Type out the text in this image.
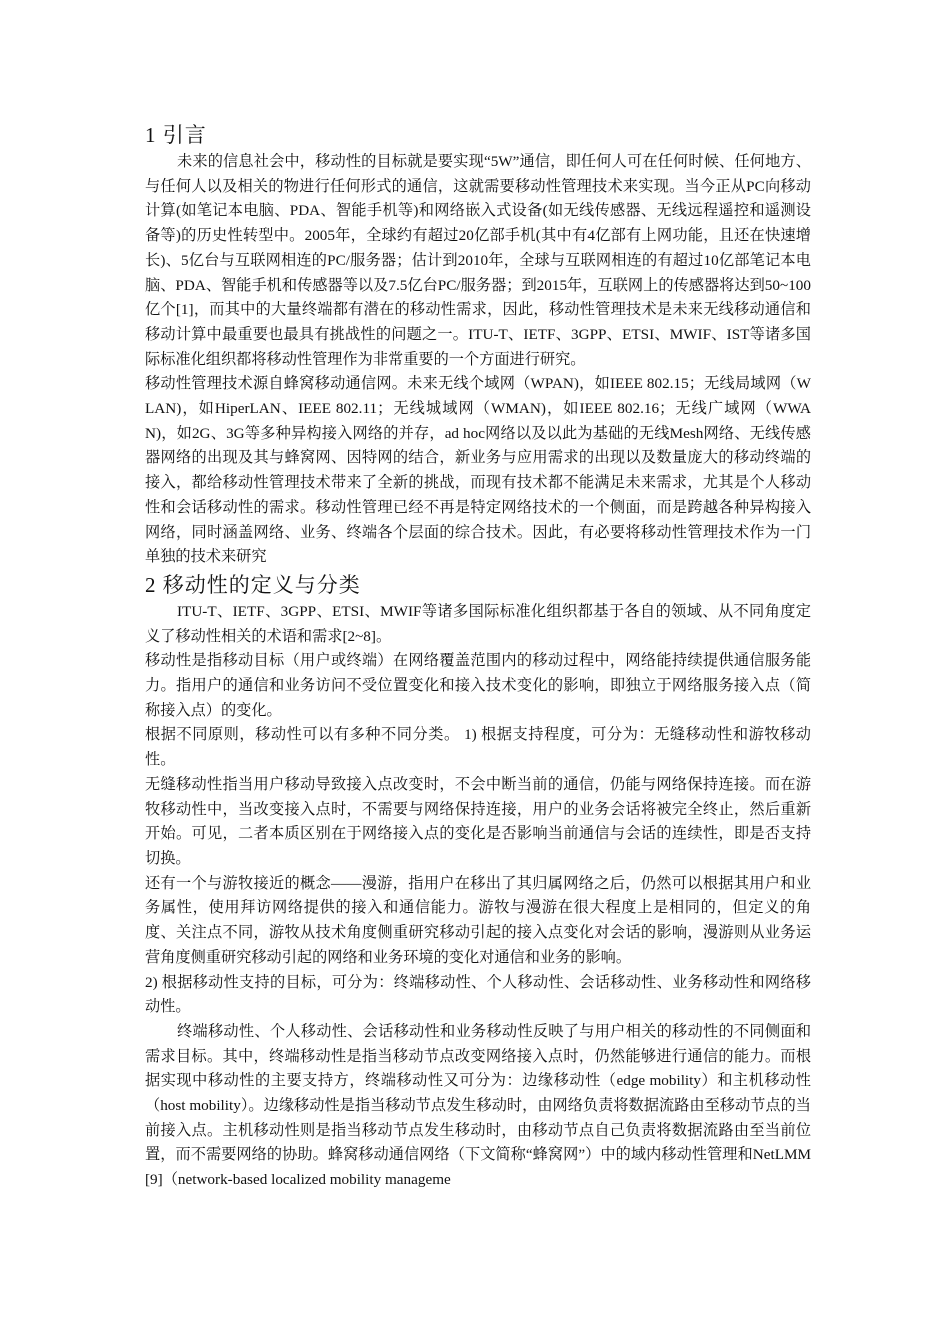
1 引言

未来的信息社会中，移动性的目标就是要实现“5W”通信，即任何人可在任何时候、任何地方、与任何人以及相关的物进行任何形式的通信，这就需要移动性管理技术来实现。当今正从PC向移动计算(如笔记本电脑、PDA、智能手机等)和网络嵌入式设备(如无线传感器、无线远程遥控和遥测设备等)的历史性转型中。2005年，全球约有超过20亿部手机(其中有4亿部有上网功能，且还在快速增长)、5亿台与互联网相连的PC/服务器；估计到2010年，全球与互联网相连的有超过10亿部笔记本电脑、PDA、智能手机和传感器等以及7.5亿台PC/服务器；到2015年，互联网上的传感器将达到50~100亿个[1]，而其中的大量终端都有潜在的移动性需求，因此，移动性管理技术是未来无线移动通信和移动计算中最重要也最具有挑战性的问题之一。ITU-T、IETF、3GPP、ETSI、MWIF、IST等诸多国际标准化组织都将移动性管理作为非常重要的一个方面进行研究。

移动性管理技术源自蜂窝移动通信网。未来无线个域网（WPAN)，如IEEE 802.15；无线局域网（WLAN)，如HiperLAN、IEEE 802.11；无线城域网（WMAN)，如IEEE 802.16；无线广域网（WWAN)，如2G、3G等多种异构接入网络的并存，ad hoc网络以及以此为基础的无线Mesh网络、无线传感器网络的出现及其与蜂窝网、因特网的结合，新业务与应用需求的出现以及数量庞大的移动终端的接入，都给移动性管理技术带来了全新的挑战，而现有技术都不能满足未来需求，尤其是个人移动性和会话移动性的需求。移动性管理已经不再是特定网络技术的一个侧面，而是跨越各种异构接入网络，同时涵盖网络、业务、终端各个层面的综合技术。因此，有必要将移动性管理技术作为一门单独的技术来研究

2 移动性的定义与分类

ITU-T、IETF、3GPP、ETSI、MWIF等诸多国际标准化组织都基于各自的领域、从不同角度定义了移动性相关的术语和需求[2~8]。

移动性是指移动目标（用户或终端）在网络覆盖范围内的移动过程中，网络能持续提供通信服务能力。指用户的通信和业务访问不受位置变化和接入技术变化的影响，即独立于网络服务接入点（简称接入点）的变化。

根据不同原则，移动性可以有多种不同分类。 1) 根据支持程度，可分为：无缝移动性和游牧移动性。

无缝移动性指当用户移动导致接入点改变时，不会中断当前的通信，仍能与网络保持连接。而在游牧移动性中，当改变接入点时，不需要与网络保持连接，用户的业务会话将被完全终止，然后重新开始。可见，二者本质区别在于网络接入点的变化是否影响当前通信与会话的连续性，即是否支持切换。

还有一个与游牧接近的概念——漫游，指用户在移出了其归属网络之后，仍然可以根据其用户和业务属性，使用拜访网络提供的接入和通信能力。游牧与漫游在很大程度上是相同的，但定义的角度、关注点不同，游牧从技术角度侧重研究移动引起的接入点变化对会话的影响，漫游则从业务运营角度侧重研究移动引起的网络和业务环境的变化对通信和业务的影响。

2) 根据移动性支持的目标，可分为：终端移动性、个人移动性、会话移动性、业务移动性和网络移动性。

终端移动性、个人移动性、会话移动性和业务移动性反映了与用户相关的移动性的不同侧面和需求目标。其中，终端移动性是指当移动节点改变网络接入点时，仍然能够进行通信的能力。而根据实现中移动性的主要支持方，终端移动性又可分为：边缘移动性（edge mobility）和主机移动性（host mobility）。边缘移动性是指当移动节点发生移动时，由网络负责将数据流路由至移动节点的当前接入点。主机移动性则是指当移动节点发生移动时，由移动节点自己负责将数据流路由至当前位置，而不需要网络的协助。蜂窝移动通信网络（下文简称“蜂窝网”）中的域内移动性管理和NetLMM[9]（network-based localized mobility manageme
